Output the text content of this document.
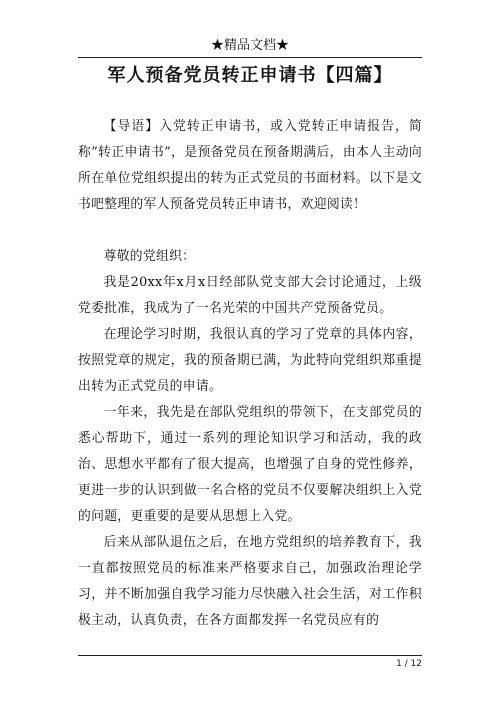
★精品文档★
军人预备党员转正申请书【四篇】

【导语】入党转正申请书，或入党转正申请报告，简称”转正申请书”，是预备党员在预备期满后，由本人主动向所在单位党组织提出的转为正式党员的书面材料。以下是文书吧整理的军人预备党员转正申请书，欢迎阅读！

尊敬的党组织：

我是20xx年x月x日经部队党支部大会讨论通过，上级党委批准，我成为了一名光荣的中国共产党预备党员。

在理论学习时期，我很认真的学习了党章的具体内容，按照党章的规定，我的预备期已满，为此特向党组织郑重提出转为正式党员的申请。

一年来，我先是在部队党组织的带领下，在支部党员的悉心帮助下，通过一系列的理论知识学习和活动，我的政治、思想水平都有了很大提高，也增强了自身的党性修养，更进一步的认识到做一名合格的党员不仅要解决组织上入党的问题，更重要的是要从思想上入党。

后来从部队退伍之后，在地方党组织的培养教育下，我一直都按照党员的标准来严格要求自己，加强政治理论学习，并不断加强自我学习能力尽快融入社会生活，对工作积极主动，认真负责，在各方面都发挥一名党员应有的

1 / 12
